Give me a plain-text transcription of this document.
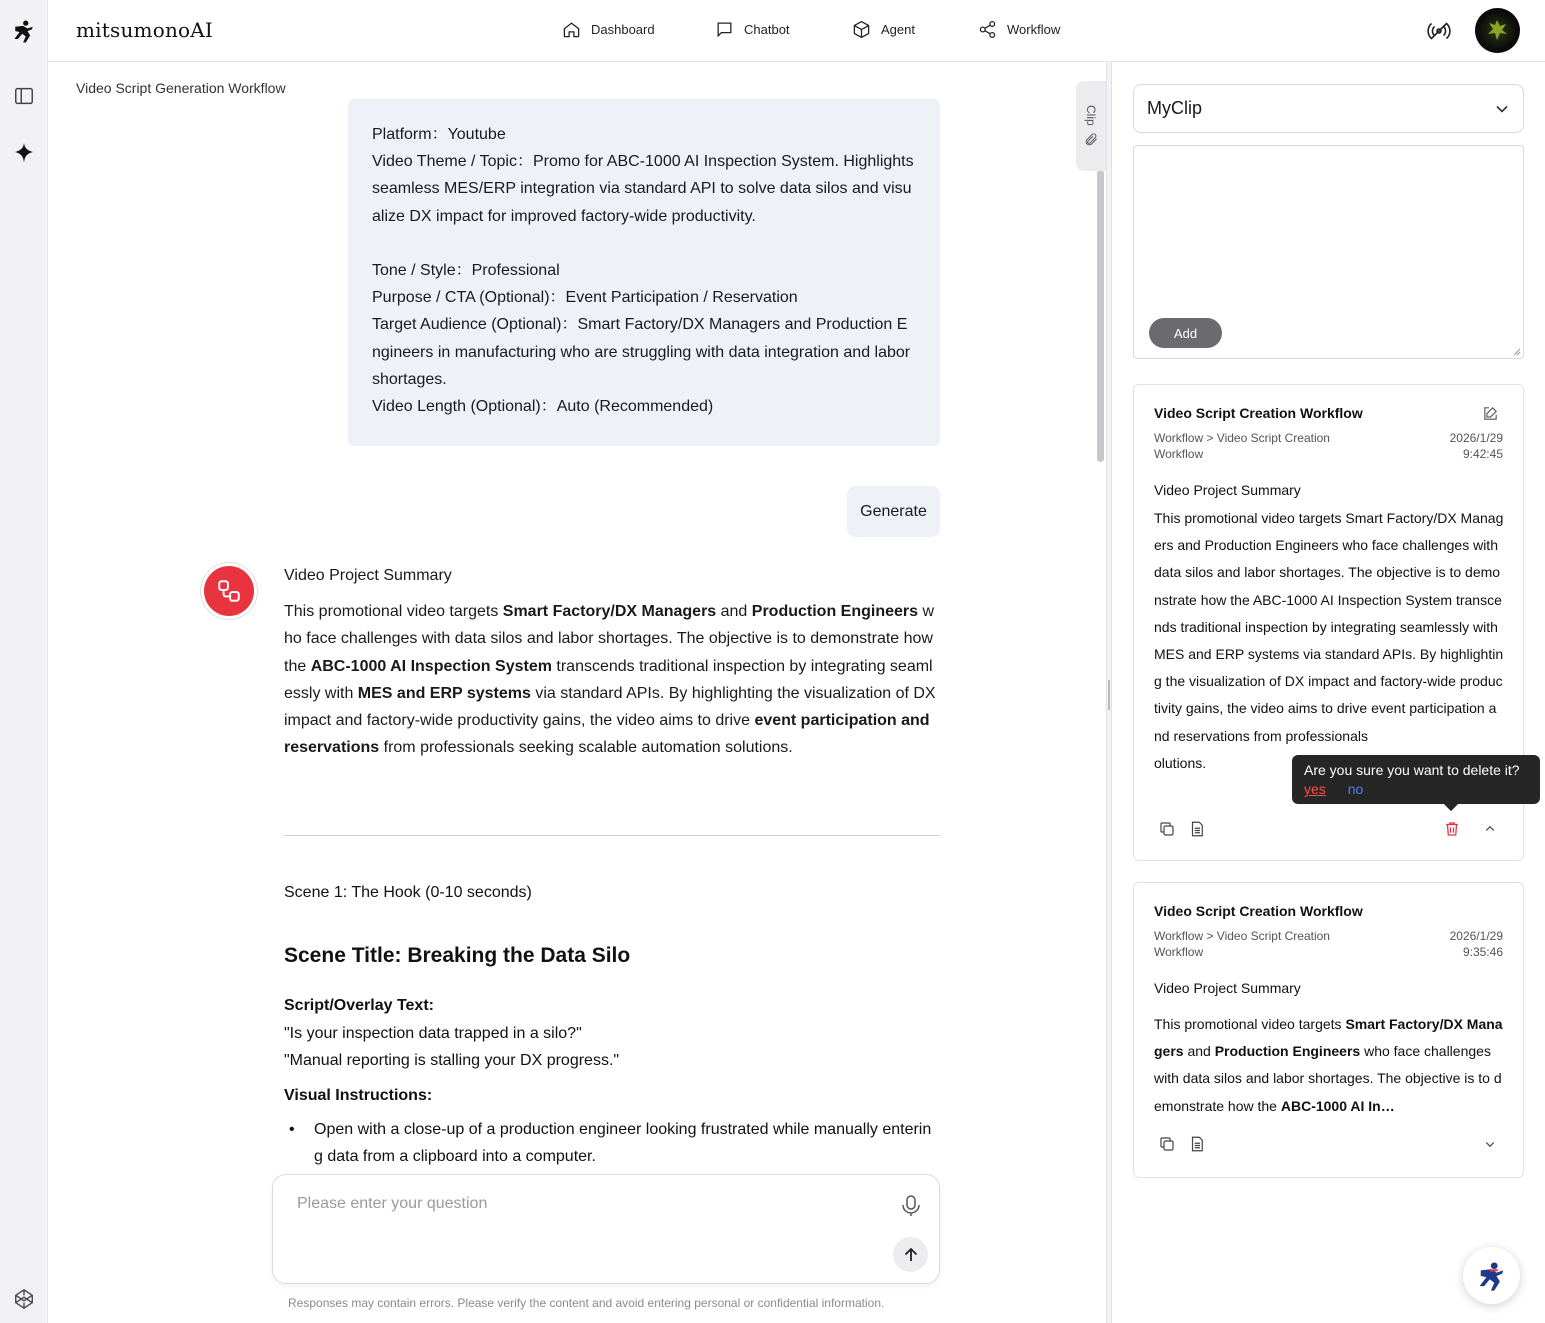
mitsumonoAI	Dashboard	Chatbot	Agent	Workflow
Video Script Generation Workflow

Platform：Youtube

Video Theme / Topic：Promo for ABC-1000 AI Inspection System. Highlights seamless MES/ERP integration via standard API to solve data silos and visualize DX impact for improved factory-wide productivity.

Tone / Style：Professional

Purpose / CTA (Optional)：Event Participation / Reservation

Target Audience (Optional)：Smart Factory/DX Managers and Production Engineers in manufacturing who are struggling with data integration and labor shortages.

Video Length (Optional)：Auto (Recommended)

Generate
Video Project Summary
This promotional video targets Smart Factory/DX Managers and Production Engineers who face challenges with data silos and labor shortages. The objective is to demonstrate how the ABC-1000 AI Inspection System transcends traditional inspection by integrating seamlessly with MES and ERP systems via standard APIs. By highlighting the visualization of DX impact and factory-wide productivity gains, the video aims to drive event participation and reservations from professionals seeking scalable automation solutions.
Scene 1: The Hook (0-10 seconds)
Scene Title: Breaking the Data Silo
Script/Overlay Text:
"Is your inspection data trapped in a silo?"
"Manual reporting is stalling your DX progress."
Visual Instructions:
• Open with a close-up of a production engineer looking frustrated while manually entering data from a clipboard into a computer.
Please enter your question
Responses may contain errors. Please verify the content and avoid entering personal or confidential information.
Clip	MyClip
Add
Video Script Creation Workflow
Workflow > Video Script Creation Workflow
2026/1/29
9:42:45
Video Project Summary
This promotional video targets Smart Factory/DX Managers and Production Engineers who face challenges with data silos and labor shortages. The objective is to demonstrate how the ABC-1000 AI Inspection System transcends traditional inspection by integrating seamlessly with MES and ERP systems via standard APIs. By highlighting the visualization of DX impact and factory-wide productivity gains, the video aims to drive event participation and reservations from professionals
olutions.
Video Script Creation Workflow
Workflow > Video Script Creation Workflow
2026/1/29
9:35:46
Video Project Summary
This promotional video targets Smart Factory/DX Managers and Production Engineers who face challenges with data silos and labor shortages. The objective is to demonstrate how the ABC-1000 AI In…
Are you sure you want to delete it?
yes no
